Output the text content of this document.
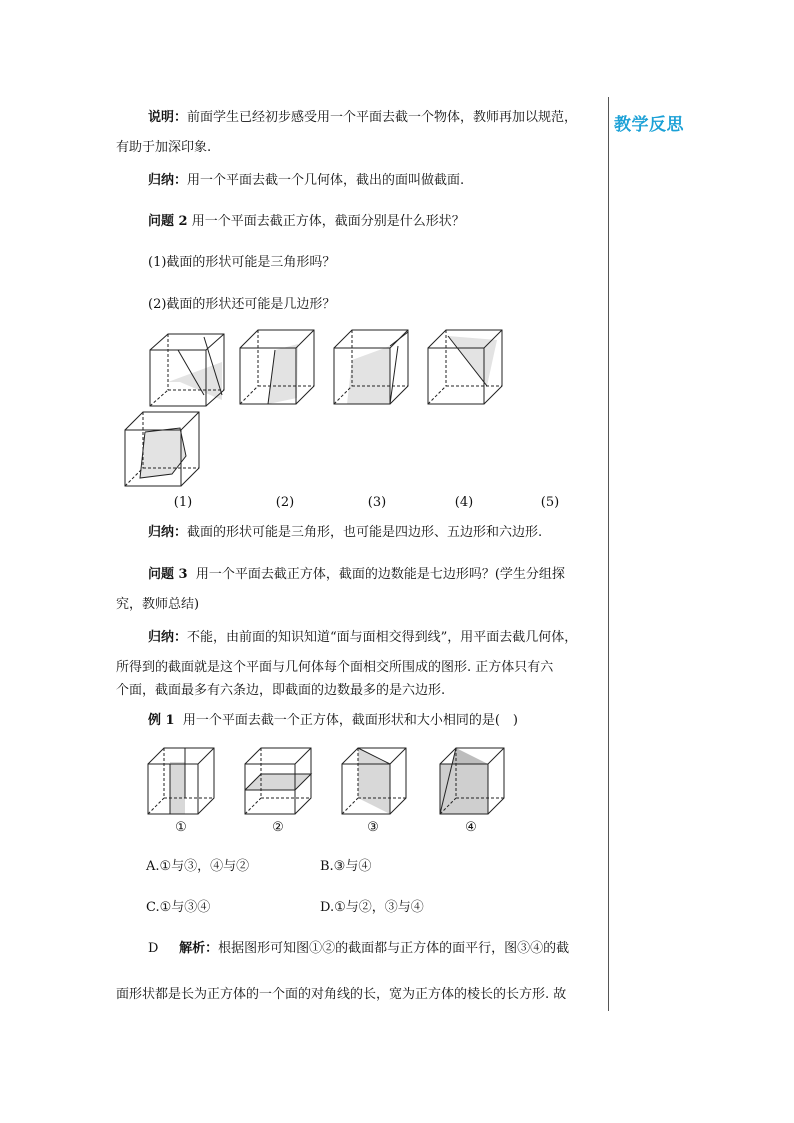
教学反思
说明：前面学生已经初步感受用一个平面去截一个物体，教师再加以规范，
有助于加深印象.
归纳：用一个平面去截一个几何体，截出的面叫做截面.
问题 2 用一个平面去截正方体，截面分别是什么形状？
(1)截面的形状可能是三角形吗？
(2)截面的形状还可能是几边形？
(1)	(2)	(3)	(4)	(5)
归纳：截面的形状可能是三角形，也可能是四边形、五边形和六边形.
问题 3 用一个平面去截正方体，截面的边数能是七边形吗？(学生分组探
究，教师总结)
归纳：不能，由前面的知识知道“面与面相交得到线”，用平面去截几何体，
所得到的截面就是这个平面与几何体每个面相交所围成的图形. 正方体只有六
个面，截面最多有六条边，即截面的边数最多的是六边形.
例 1 用一个平面去截一个正方体，截面形状和大小相同的是(　)
①	②	③	④
A.①与③，④与②	B.③与④
C.①与③④	D.①与②，③与④
D 解析：根据图形可知图①②的截面都与正方体的面平行，图③④的截
面形状都是长为正方体的一个面的对角线的长，宽为正方体的棱长的长方形. 故
